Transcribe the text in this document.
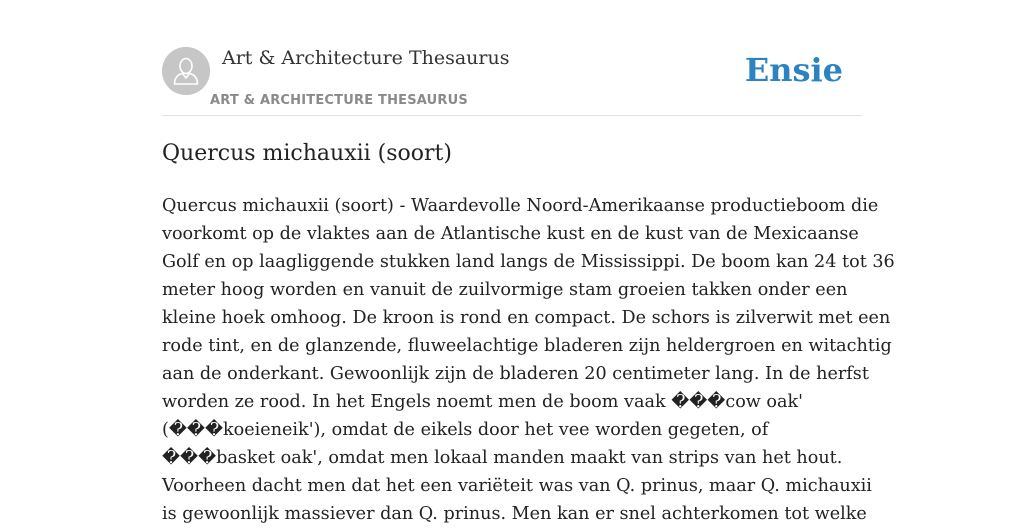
Art & Architecture Thesaurus
ART & ARCHITECTURE THESAURUS
Ensie
Quercus michauxii (soort)
Quercus michauxii (soort) - Waardevolle Noord-Amerikaanse productieboom die
voorkomt op de vlaktes aan de Atlantische kust en de kust van de Mexicaanse
Golf en op laagliggende stukken land langs de Mississippi. De boom kan 24 tot 36
meter hoog worden en vanuit de zuilvormige stam groeien takken onder een
kleine hoek omhoog. De kroon is rond en compact. De schors is zilverwit met een
rode tint, en de glanzende, fluweelachtige bladeren zijn heldergroen en witachtig
aan de onderkant. Gewoonlijk zijn de bladeren 20 centimeter lang. In de herfst
worden ze rood. In het Engels noemt men de boom vaak ���cow oak'
(���koeieneik'), omdat de eikels door het vee worden gegeten, of
���basket oak', omdat men lokaal manden maakt van strips van het hout.
Voorheen dacht men dat het een variëteit was van Q. prinus, maar Q. michauxii
is gewoonlijk massiever dan Q. prinus. Men kan er snel achterkomen tot welke
